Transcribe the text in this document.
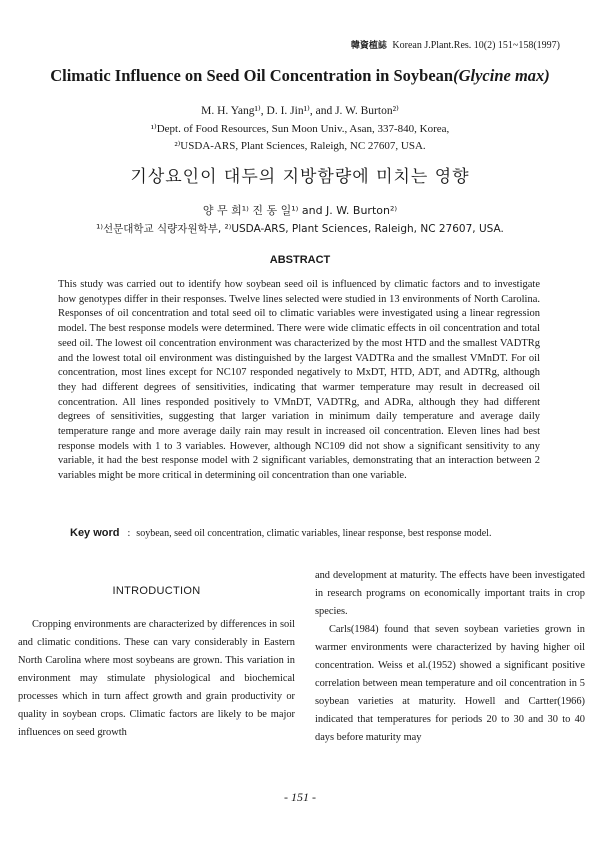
韓資植誌 Korean J.Plant.Res. 10(2) 151~158(1997)
Climatic Influence on Seed Oil Concentration in Soybean(Glycine max)
M. H. Yang¹⁾, D. I. Jin¹⁾, and J. W. Burton²⁾
¹⁾Dept. of Food Resources, Sun Moon Univ., Asan, 337-840, Korea,
²⁾USDA-ARS, Plant Sciences, Raleigh, NC 27607, USA.
기상요인이 대두의 지방함량에 미치는 영향
양 무 희¹⁾ 진 동 일¹⁾ and J. W. Burton²⁾
¹⁾선문대학교 식량자원학부, ²⁾USDA-ARS, Plant Sciences, Raleigh, NC 27607, USA.
ABSTRACT
This study was carried out to identify how soybean seed oil is influenced by climatic factors and to investigate how genotypes differ in their responses. Twelve lines selected were studied in 13 environments of North Carolina. Responses of oil concentration and total seed oil to climatic variables were investigated using a linear regression model. The best response models were determined. There were wide climatic effects in oil concentration and total seed oil. The lowest oil concentration environment was characterized by the most HTD and the smallest VADTRg and the lowest total oil environment was distinguished by the largest VADTRa and the smallest VMnDT. For oil concentration, most lines except for NC107 responded negatively to MxDT, HTD, ADT, and ADTRg, although they had different degrees of sensitivities, indicating that warmer temperature may result in decreased oil concentration. All lines responded positively to VMnDT, VADTRg, and ADRa, although they had different degrees of sensitivities, suggesting that larger variation in minimum daily temperature and average daily temperature range and more average daily rain may result in increased oil concentration. Eleven lines had best response models with 1 to 3 variables. However, although NC109 did not show a significant sensitivity to any variable, it had the best response model with 2 significant variables, demonstrating that an interaction between 2 variables might be more critical in determining oil concentration than one variable.
Key word : soybean, seed oil concentration, climatic variables, linear response, best response model.
INTRODUCTION

Cropping environments are characterized by differences in soil and climatic conditions. These can vary considerably in Eastern North Carolina where most soybeans are grown. This variation in environment may stimulate physiological and biochemical processes which in turn affect growth and grain productivity or quality in soybean crops. Climatic factors are likely to be major influences on seed growth

and development at maturity. The effects have been investigated in research programs on economically important traits in crop species.

Carls(1984) found that seven soybean varieties grown in warmer environments were characterized by having higher oil concentration. Weiss et al.(1952) showed a significant positive correlation between mean temperature and oil concentration in 5 soybean varieties at maturity. Howell and Cartter(1966) indicated that temperatures for periods 20 to 30 and 30 to 40 days before maturity may

- 151 -
